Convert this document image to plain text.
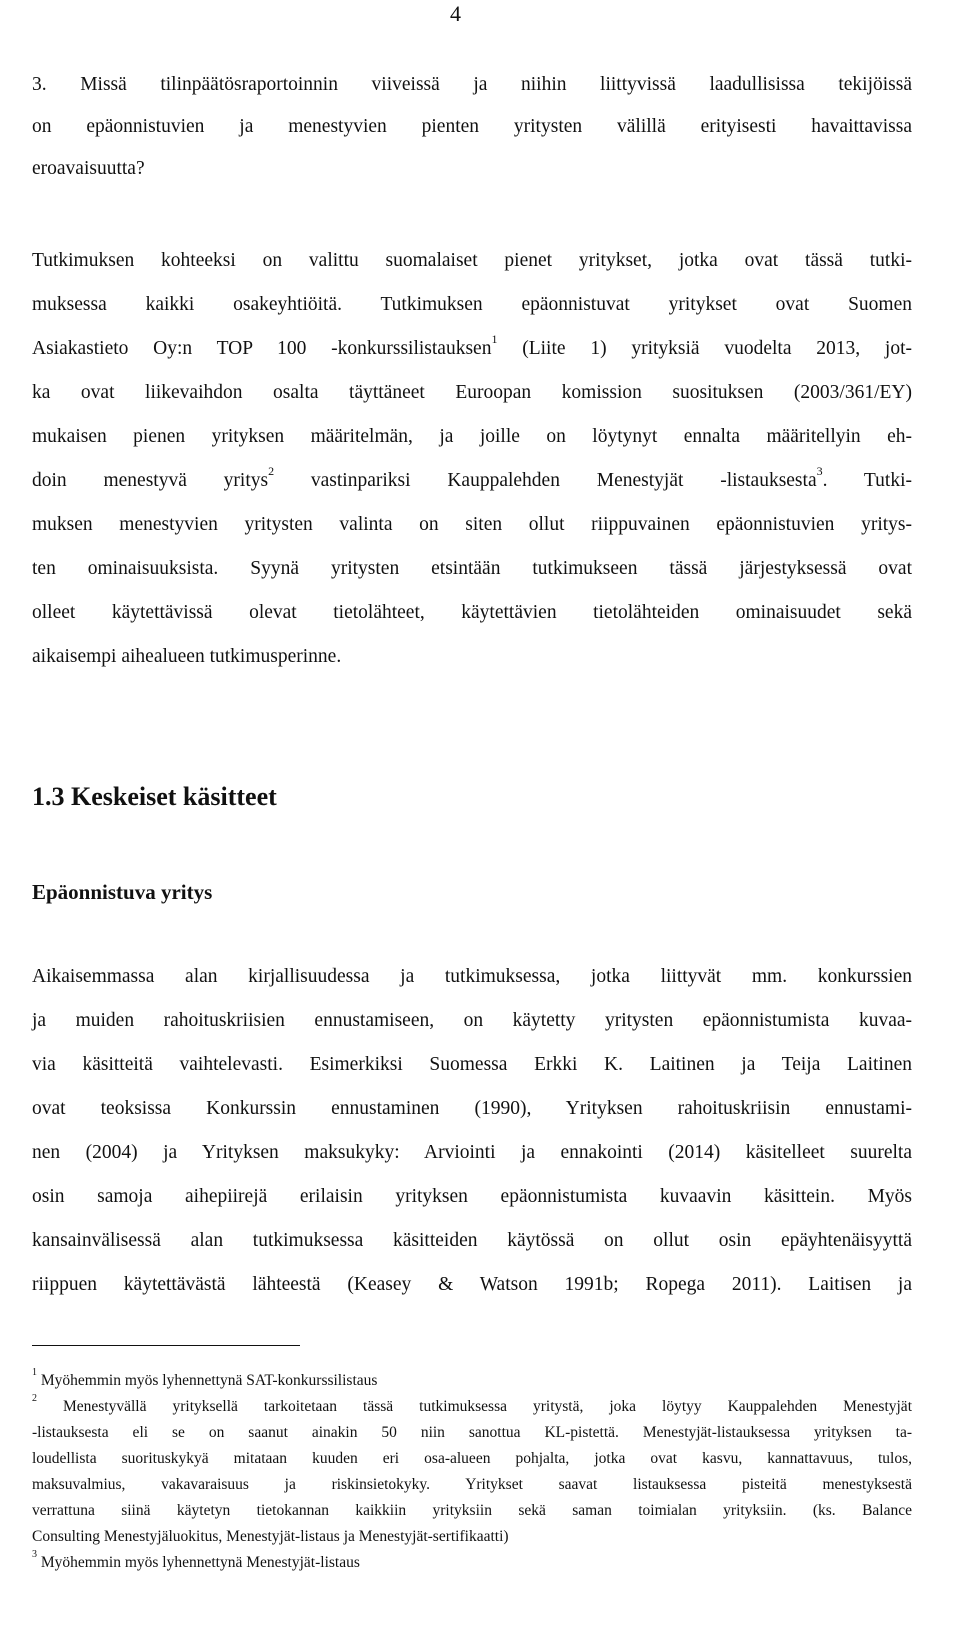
4
3. Missä tilinpäätösraportoinnin viiveissä ja niihin liittyvissä laadullisissa tekijöissä
on epäonnistuvien ja menestyvien pienten yritysten välillä erityisesti havaittavissa
eroavaisuutta?
Tutkimuksen kohteeksi on valittu suomalaiset pienet yritykset, jotka ovat tässä tutki-
muksessa kaikki osakeyhtiöitä. Tutkimuksen epäonnistuvat yritykset ovat Suomen
Asiakastieto Oy:n TOP 100 -konkurssilistauksen$^1$ (Liite 1) yrityksiä vuodelta 2013, jot-
ka ovat liikevaihdon osalta täyttäneet Euroopan komission suosituksen (2003/361/EY)
mukaisen pienen yrityksen määritelmän, ja joille on löytynyt ennalta määritellyin eh-
doin menestyvä yritys$^2$ vastinpariksi Kauppalehden Menestyjät -listauksesta$^3$. Tutki-
muksen menestyvien yritysten valinta on siten ollut riippuvainen epäonnistuvien yritys-
ten ominaisuuksista. Syynä yritysten etsintään tutkimukseen tässä järjestyksessä ovat
olleet käytettävissä olevat tietolähteet, käytettävien tietolähteiden ominaisuudet sekä
aikaisempi aihealueen tutkimusperinne.
1.3 Keskeiset käsitteet
Epäonnistuva yritys
Aikaisemmassa alan kirjallisuudessa ja tutkimuksessa, jotka liittyvät mm. konkurssien
ja muiden rahoituskriisien ennustamiseen, on käytetty yritysten epäonnistumista kuvaa-
via käsitteitä vaihtelevasti. Esimerkiksi Suomessa Erkki K. Laitinen ja Teija Laitinen
ovat teoksissa Konkurssin ennustaminen (1990), Yrityksen rahoituskriisin ennustami-
nen (2004) ja Yrityksen maksukyky: Arviointi ja ennakointi (2014) käsitelleet suurelta
osin samoja aihepiirejä erilaisin yrityksen epäonnistumista kuvaavin käsittein. Myös
kansainvälisessä alan tutkimuksessa käsitteiden käytössä on ollut osin epäyhtenäisyyttä
riippuen käytettävästä lähteestä (Keasey & Watson 1991b; Ropega 2011). Laitisen ja
$^1$ Myöhemmin myös lyhennettynä SAT-konkurssilistaus
$^2$ Menestyvällä yrityksellä tarkoitetaan tässä tutkimuksessa yritystä, joka löytyy Kauppalehden Menestyjät
-listauksesta eli se on saanut ainakin 50 niin sanottua KL-pistettä. Menestyjät-listauksessa yrityksen ta-
loudellista suorituskykyä mitataan kuuden eri osa-alueen pohjalta, jotka ovat kasvu, kannattavuus, tulos,
maksuvalmius, vakavaraisuus ja riskinsietokyky. Yritykset saavat listauksessa pisteitä menestyksestä
verrattuna siinä käytetyn tietokannan kaikkiin yrityksiin sekä saman toimialan yrityksiin. (ks. Balance
Consulting Menestyjäluokitus, Menestyjät-listaus ja Menestyjät-sertifikaatti)
$^3$ Myöhemmin myös lyhennettynä Menestyjät-listaus
